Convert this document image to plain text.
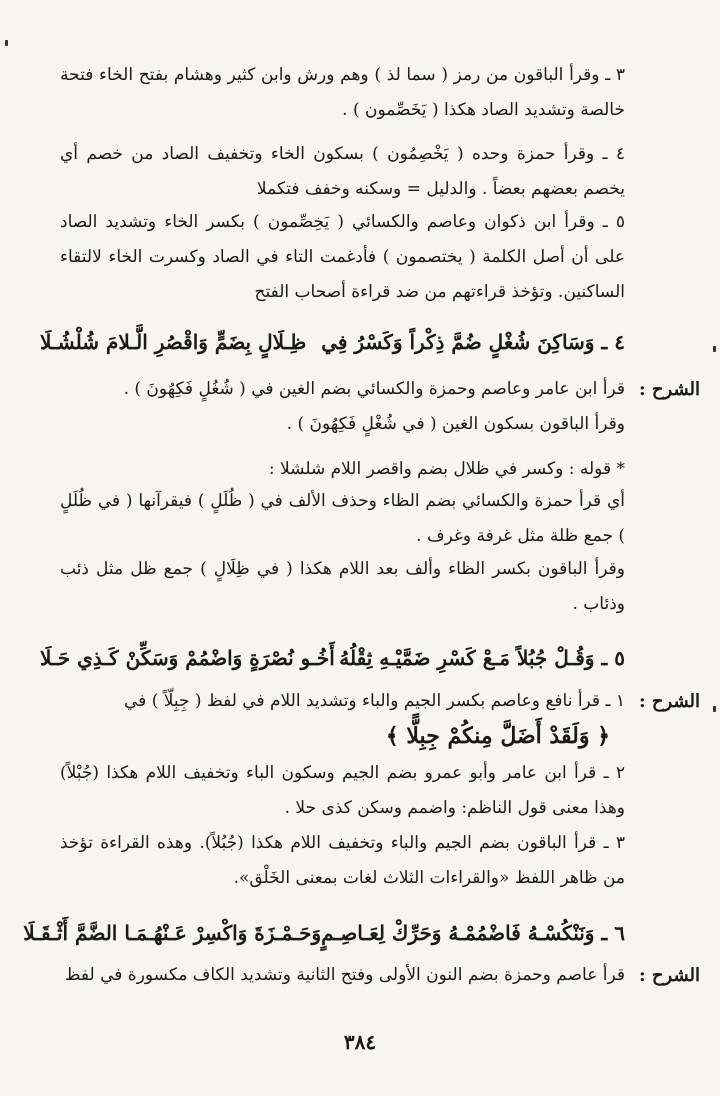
٣ ـ وقرأ الباقون من رمز ( سما لذ ) وهم ورش وابن كثير وهشام بفتح الخاء فتحة خالصة وتشديد الصاد هكذا ( يَخَصِّمون ) .
٤ ـ وقرأ حمزة وحده ( يَخْصِمُون ) بسكون الخاء وتخفيف الصاد من خصم أي يخصم بعضهم بعضاً . والدليل = وسكنه وخفف فتكملا
٥ ـ وقرأ ابن ذكوان وعاصم والكسائي ( يَخِصِّمون ) بكسر الخاء وتشديد الصاد على أن أصل الكلمة ( يختصمون ) فأدغمت التاء في الصاد وكسرت الخاء لالتقاء الساكنين. وتؤخذ قراءتهم من ضد قراءة أصحاب الفتح
٤ ـ وَسَاكِنَ شُغْلٍ ضُمَّ ذِكْراً وَكَسْرُ فِي
ظِـلَالٍ بِضَمٍّ وَاقْصُرِ الَّـلامَ شُلْشُـلَا
الشرح :
قرأ ابن عامر وعاصم وحمزة والكسائي بضم الغين في ( شُغُلٍ فَكِهُونَ ) .
وقرأ الباقون بسكون الغين ( في شُغْلٍ فَكِهُونَ ) .
* قوله : وكسر في ظلال بضم واقصر اللام شلشلا :
أي قرأ حمزة والكسائي بضم الظاء وحذف الألف في ( ظُلَلٍ ) فيقرآنها ( في ظُلَلٍ ) جمع ظلة مثل غرفة وغرف .
وقرأ الباقون بكسر الظاء وألف بعد اللام هكذا ( في ظِلَالٍ ) جمع ظل مثل ذئب وذئاب .
٥ ـ وَقُـلْ جُبُلاً مَـعْ كَسْرِ ضَمَّيْـهِ ثِقْلُهُ
أَخُـو نُصْرَةٍ وَاضْمُمْ وَسَكِّنْ كَـذِي حَـلَا
الشرح :
١ ـ قرأ نافع وعاصم بكسر الجيم والباء وتشديد اللام في لفظ ( جِبِلّاً ) في
﴿ وَلَقَدْ أَضَلَّ مِنكُمْ جِبِلًّا ﴾
٢ ـ قرأ ابن عامر وأبو عمرو بضم الجيم وسكون الباء وتخفيف اللام هكذا (جُبْلاً) وهذا معنى قول الناظم: واضمم وسكن كذى حلا .
٣ ـ قرأ الباقون بضم الجيم والباء وتخفيف اللام هكذا (جُبُلاً). وهذه القراءة تؤخذ من ظاهر اللفظ «والقراءات الثلاث لغات بمعنى الخَلْق».
٦ ـ وَنَنْكُسْـهُ فَاضْمُمْـهُ وَحَرِّكْ لِعَـاصِـمٍ
وَحَـمْـزَةَ وَاكْسِرْ عَـنْهُـمَـا الضَّمَّ أَثْـقَـلَا
الشرح :
قرأ عاصم وحمزة بضم النون الأولى وفتح الثانية وتشديد الكاف مكسورة في لفظ
٣٨٤
